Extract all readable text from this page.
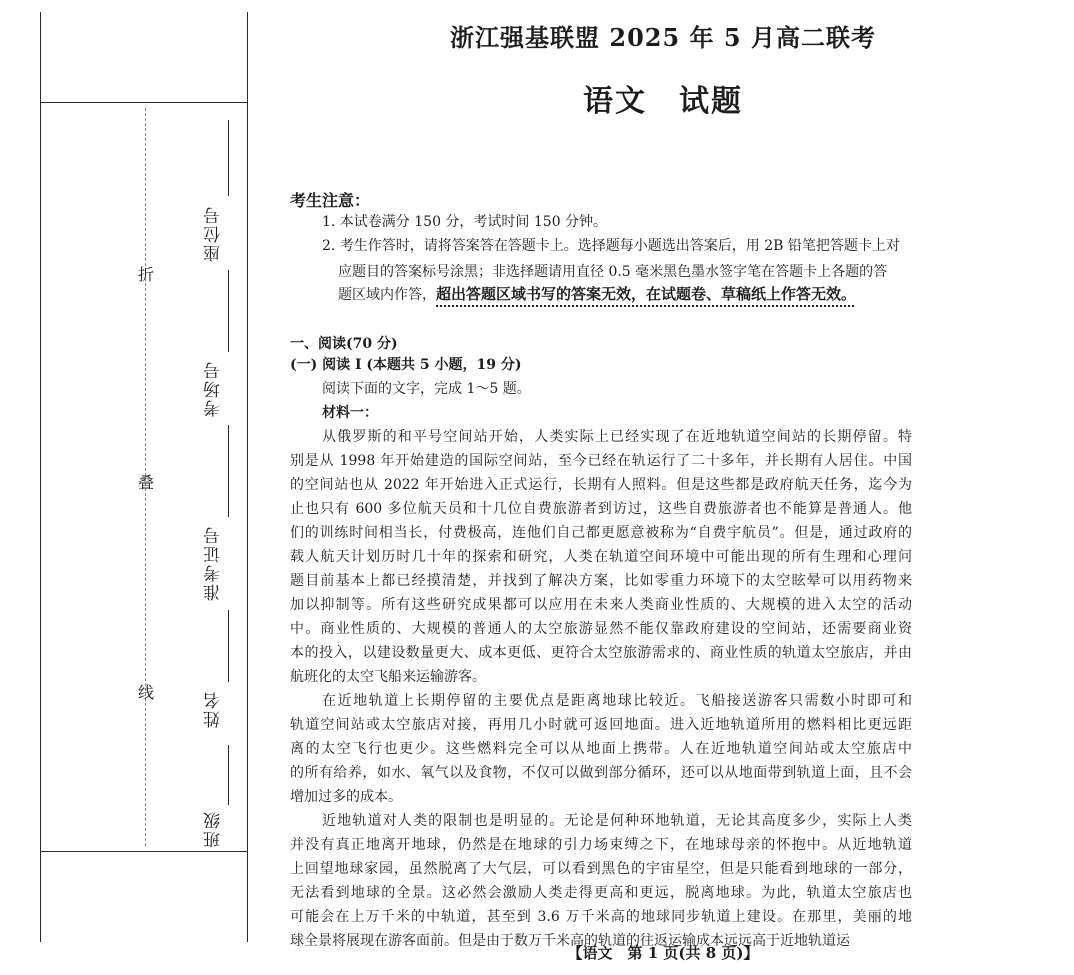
折
叠
线
座位号
考场号
准考证号
姓名
班级
浙江强基联盟 2025 年 5 月高二联考
语文　试题
考生注意：
1. 本试卷满分 150 分，考试时间 150 分钟。
2. 考生作答时，请将答案答在答题卡上。选择题每小题选出答案后，用 2B 铅笔把答题卡上对
应题目的答案标号涂黑；非选择题请用直径 0.5 毫米黑色墨水签字笔在答题卡上各题的答
题区域内作答，超出答题区域书写的答案无效，在试题卷、草稿纸上作答无效。
一、阅读(70 分)
(一) 阅读 Ⅰ (本题共 5 小题，19 分)
阅读下面的文字，完成 1～5 题。
材料一：
从俄罗斯的和平号空间站开始，人类实际上已经实现了在近地轨道空间站的长期停留。特
别是从 1998 年开始建造的国际空间站，至今已经在轨运行了二十多年，并长期有人居住。中国
的空间站也从 2022 年开始进入正式运行，长期有人照料。但是这些都是政府航天任务，迄今为
止也只有 600 多位航天员和十几位自费旅游者到访过，这些自费旅游者也不能算是普通人。他
们的训练时间相当长，付费极高，连他们自己都更愿意被称为“自费宇航员”。但是，通过政府的
载人航天计划历时几十年的探索和研究，人类在轨道空间环境中可能出现的所有生理和心理问
题目前基本上都已经摸清楚，并找到了解决方案，比如零重力环境下的太空眩晕可以用药物来
加以抑制等。所有这些研究成果都可以应用在未来人类商业性质的、大规模的进入太空的活动
中。商业性质的、大规模的普通人的太空旅游显然不能仅靠政府建设的空间站，还需要商业资
本的投入，以建设数量更大、成本更低、更符合太空旅游需求的、商业性质的轨道太空旅店，并由
航班化的太空飞船来运输游客。
在近地轨道上长期停留的主要优点是距离地球比较近。飞船接送游客只需数小时即可和
轨道空间站或太空旅店对接，再用几小时就可返回地面。进入近地轨道所用的燃料相比更远距
离的太空飞行也更少。这些燃料完全可以从地面上携带。人在近地轨道空间站或太空旅店中
的所有给养，如水、氧气以及食物，不仅可以做到部分循环，还可以从地面带到轨道上面，且不会
增加过多的成本。
近地轨道对人类的限制也是明显的。无论是何种环地轨道，无论其高度多少，实际上人类
并没有真正地离开地球，仍然是在地球的引力场束缚之下，在地球母亲的怀抱中。从近地轨道
上回望地球家园，虽然脱离了大气层，可以看到黑色的宇宙星空，但是只能看到地球的一部分，
无法看到地球的全景。这必然会激励人类走得更高和更远，脱离地球。为此，轨道太空旅店也
可能会在上万千米的中轨道，甚至到 3.6 万千米高的地球同步轨道上建设。在那里，美丽的地
球全景将展现在游客面前。但是由于数万千米高的轨道的往返运输成本远远高于近地轨道运
【语文　第 1 页(共 8 页)】
